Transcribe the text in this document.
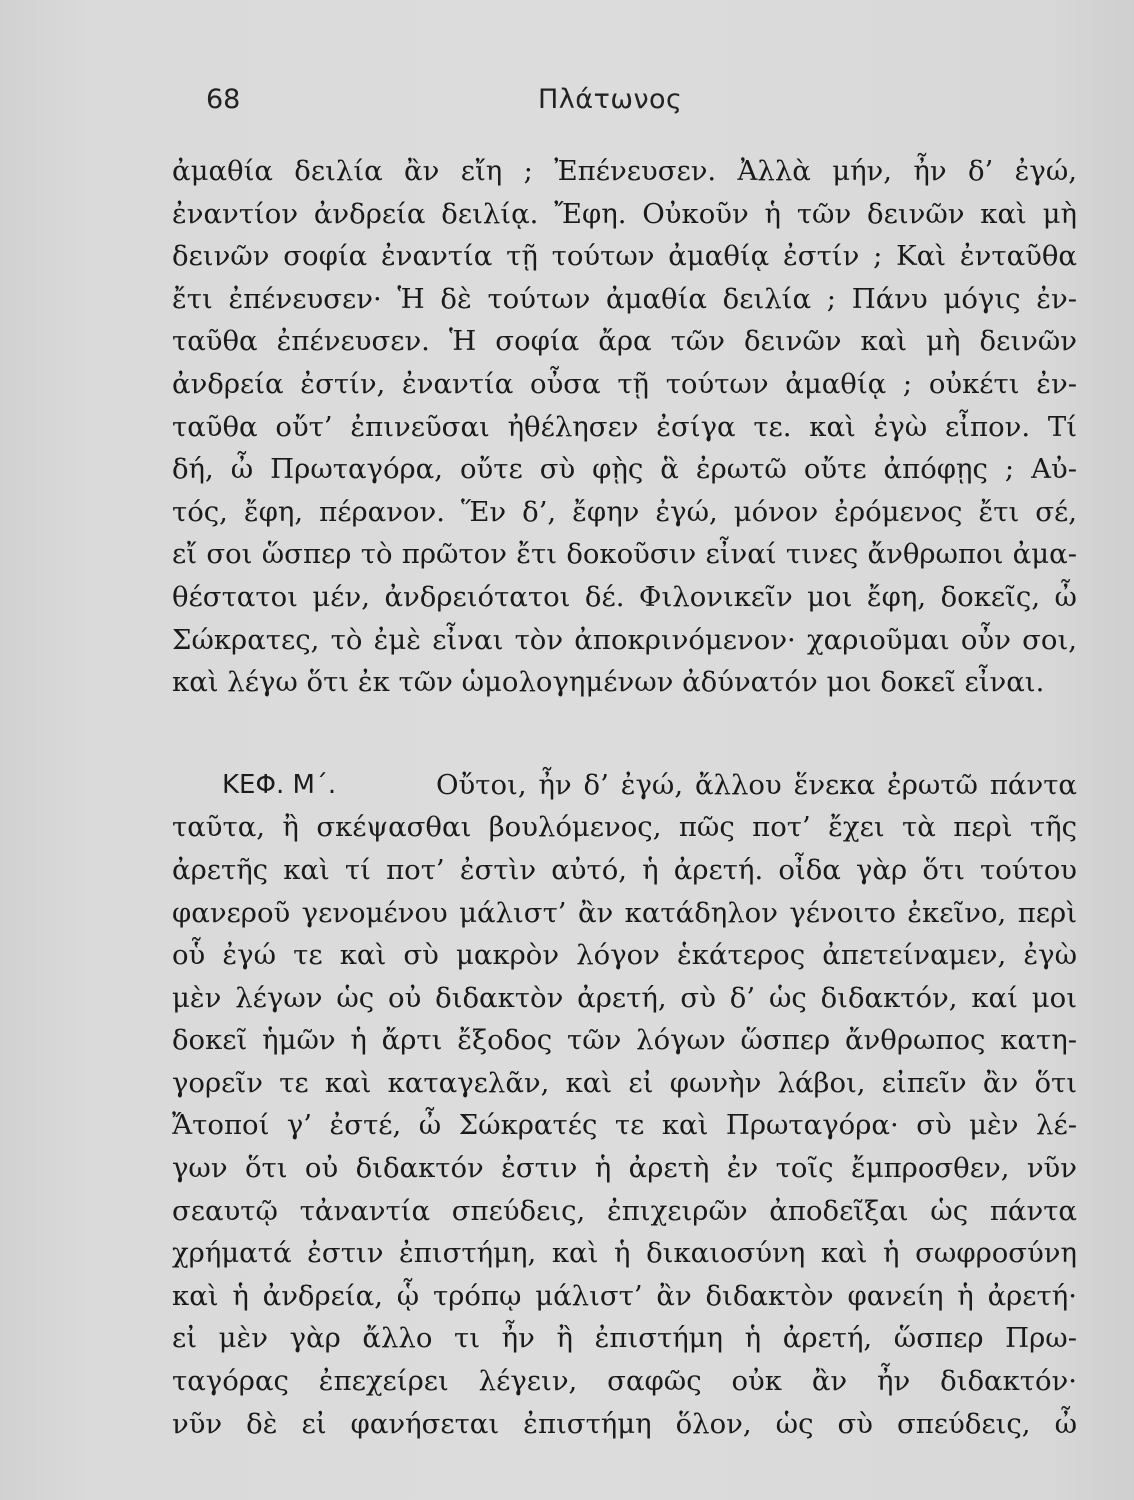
68	Πλάτωνος
ἀμαθία δειλία ἂν εἴη ; Ἐπένευσεν. Ἀλλὰ μήν, ἦν δ’ ἐγώ,
ἐναντίον ἀνδρεία δειλίᾳ. Ἔφη. Οὐκοῦν ἡ τῶν δεινῶν καὶ μὴ
δεινῶν σοφία ἐναντία τῇ τούτων ἀμαθίᾳ ἐστίν ; Καὶ ἐνταῦθα
ἔτι ἐπένευσεν· Ἡ δὲ τούτων ἀμαθία δειλία ; Πάνυ μόγις ἐν-
ταῦθα ἐπένευσεν. Ἡ σοφία ἄρα τῶν δεινῶν καὶ μὴ δεινῶν
ἀνδρεία ἐστίν, ἐναντία οὖσα τῇ τούτων ἀμαθίᾳ ; οὐκέτι ἐν-
ταῦθα οὔτ’ ἐπινεῦσαι ἠθέλησεν ἐσίγα τε. καὶ ἐγὼ εἶπον. Τί
δή, ὦ Πρωταγόρα, οὔτε σὺ φῂς ἃ ἐρωτῶ οὔτε ἀπόφῃς ; Αὐ-
τός, ἔφη, πέρανον. Ἕν δ’, ἔφην ἐγώ, μόνον ἐρόμενος ἔτι σέ,
εἴ σοι ὥσπερ τὸ πρῶτον ἔτι δοκοῦσιν εἶναί τινες ἄνθρωποι ἀμα-
θέστατοι μέν, ἀνδρειότατοι δέ. Φιλονικεῖν μοι ἔφη, δοκεῖς, ὦ
Σώκρατες, τὸ ἐμὲ εἶναι τὸν ἀποκρινόμενον· χαριοῦμαι οὖν σοι,
καὶ λέγω ὅτι ἐκ τῶν ὡμολογημένων ἀδύνατόν μοι δοκεῖ εἶναι.
ΚΕΦ. Μ΄.	Οὔτοι, ἦν δ’ ἐγώ, ἄλλου ἕνεκα ἐρωτῶ πάντα
ταῦτα, ἢ σκέψασθαι βουλόμενος, πῶς ποτ’ ἔχει τὰ περὶ τῆς
ἀρετῆς καὶ τί ποτ’ ἐστὶν αὐτό, ἡ ἀρετή. οἶδα γὰρ ὅτι τούτου
φανεροῦ γενομένου μάλιστ’ ἂν κατάδηλον γένοιτο ἐκεῖνο, περὶ
οὗ ἐγώ τε καὶ σὺ μακρὸν λόγον ἑκάτερος ἀπετείναμεν, ἐγὼ
μὲν λέγων ὡς οὐ διδακτὸν ἀρετή, σὺ δ’ ὡς διδακτόν, καί μοι
δοκεῖ ἡμῶν ἡ ἄρτι ἔξοδος τῶν λόγων ὥσπερ ἄνθρωπος κατη-
γορεῖν τε καὶ καταγελᾶν, καὶ εἰ φωνὴν λάβοι, εἰπεῖν ἂν ὅτι
Ἄτοποί γ’ ἐστέ, ὦ Σώκρατές τε καὶ Πρωταγόρα· σὺ μὲν λέ-
γων ὅτι οὐ διδακτόν ἐστιν ἡ ἀρετὴ ἐν τοῖς ἔμπροσθεν, νῦν
σεαυτῷ τἀναντία σπεύδεις, ἐπιχειρῶν ἀποδεῖξαι ὡς πάντα
χρήματά ἐστιν ἐπιστήμη, καὶ ἡ δικαιοσύνη καὶ ἡ σωφροσύνη
καὶ ἡ ἀνδρεία, ᾧ τρόπῳ μάλιστ’ ἂν διδακτὸν φανείη ἡ ἀρετή·
εἰ μὲν γὰρ ἄλλο τι ἦν ἢ ἐπιστήμη ἡ ἀρετή, ὥσπερ Πρω-
ταγόρας ἐπεχείρει λέγειν, σαφῶς οὐκ ἂν ἦν διδακτόν·
νῦν δὲ εἰ φανήσεται ἐπιστήμη ὅλον, ὡς σὺ σπεύδεις, ὦ
